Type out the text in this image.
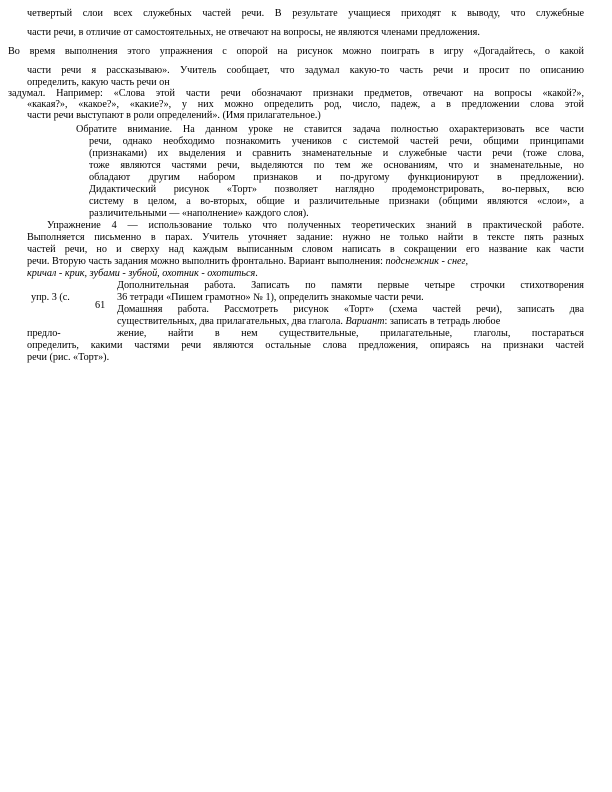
четвертый слои всех служебных частей речи. В результате учащиеся приходят к выводу, что служебные
части речи, в отличие от самостоятельных, не отвечают на вопросы, не являются членами предложения.
Во время выполнения этого упражнения с опорой на рисунок можно поиграть в игру «Догадайтесь, о какой
части речи я рассказываю». Учитель сообщает, что задумал какую-то часть речи и просит по описанию
определить, какую часть речи он
задумал. Например: «Слова этой части речи обозначают признаки предметов, отвечают на вопросы «какой?»,
«какая?», «какое?», «какие?», у них можно определить род, число, падеж, а в предложении слова этой
части речи выступают в роли определений». (Имя прилагательное.)
Обратите внимание. На данном уроке не ставится задача полностью охарактеризовать все части
речи, однако необходимо познакомить учеников с системой частей речи, общими принципами
(признаками) их выделения и сравнить знаменательные и служебные части речи (тоже слова,
тоже являются частями речи, выделяются по тем же основаниям, что и знаменательные, но
обладают другим набором признаков и по-другому функционируют в предложении).
Дидактический рисунок «Торт» позволяет наглядно продемонстрировать, во-первых, всю
систему в целом, а во-вторых, общие и различительные признаки (общими являются «слои», а
различительными — «наполнение» каждого слоя).
Упражнение 4 — использование только что полученных теоретических знаний в практической работе.
Выполняется письменно в парах. Учитель уточняет задание: нужно не только найти в тексте пять разных
частей речи, но и сверху над каждым выписанным словом написать в сокращении его название как части
речи. Вторую часть задания можно выполнить фронтально. Вариант выполнения: подснежник - снег,
кричал - крик, зубами - зубной, охотник - охотиться.
Дополнительная работа. Записать по памяти первые четыре строчки стихотворения
упр. 3 (с.	36 тетради «Пишем грамотно» № 1), определить знакомые части речи.
61 Домашняя работа. Рассмотреть рисунок «Торт» (схема частей речи), записать два
существительных, два прилагательных, два глагола. Вариант: записать в тетрадь любое
предло-	жение, найти в нем существительные, прилагательные, глаголы, постараться
определить, какими частями речи являются остальные слова предложения, опираясь на признаки частей
речи (рис. «Торт»).
